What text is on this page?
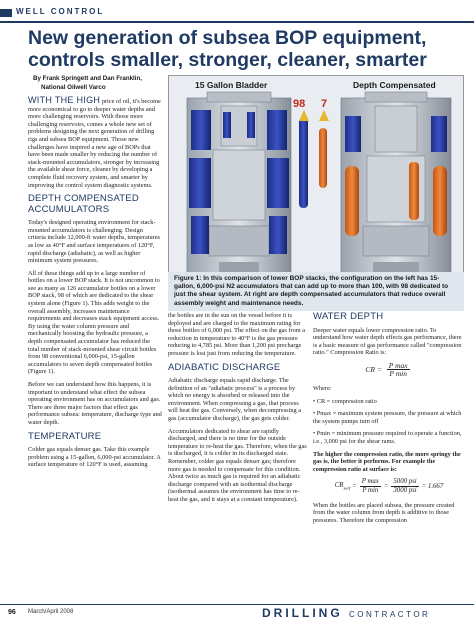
WELL CONTROL
New generation of subsea BOP equipment, controls smaller, stronger, cleaner, smarter
By Frank Springett and Dan Franklin,
National Oilwell Varco

WITH THE HIGH price of oil, it's become more economical to go to deeper water depths and more challenging reservoirs. With those more challenging reservoirs, comes a whole new set of problems designing the next generation of drilling rigs and subsea BOP equipment. Those new challenges have inspired a new age of BOPs that have been made smaller by reducing the number of stack-mounted accumulators, stronger by increasing the available shear force, cleaner by developing a complete fluid recovery system, and smarter by improving the control system diagnostic systems.

DEPTH COMPENSATED ACCUMULATORS

Today's designed operating environment for stack-mounted accumulators is challenging. Design criteria include 12,000-ft water depths, temperatures as low as 40°F and surface temperatures of 120°F, rapid discharge (adiabatic), as well as higher minimum system pressures.

All of these things add up to a large number of bottles on a lower BOP stack. It is not uncommon to see as many as 126 accumulator bottles on a lower BOP stack, 98 of which are dedicated to the shear system alone (Figure 1). This adds weight to the overall assembly, increases maintenance requirements and decreases stack equipment access. By using the water column pressure and mechanically boosting the hydraulic pressure, a depth compensated accumulator has reduced the total number of stack-mounted shear circuit bottles from 98 conventional 6,000-psi, 15-gallon accumulators to seven depth compensated bottles (Figure 1).

Before we can understand how this happens, it is important to understand what effect the subsea operating environment has on accumulators and gas. There are three major factors that effect gas performance subsea: temperature, discharge type and water depth.

TEMPERATURE

Colder gas equals denser gas. Take this example problem using a 15-gallon, 6,000-psi accumulator. A surface temperature of 120°F is used, assuming

15 Gallon Bladder	Depth Compensated
98 7
Figure 1: In this comparison of lower BOP stacks, the configuration on the left has 15-gallon, 6,000-psi N2 accumulators that can add up to more than 100, with 98 dedicated to just the shear system. At right are depth compensated accumulators that reduce overall assembly weight and maintenance needs.

the bottles are in the sun on the vessel before it is deployed and are charged to the maximum rating for those bottles of 6,000 psi. The effect on the gas from a reduction in temperature to 40°F is the gas pressure reducing to 4,785 psi. More than 1,200 psi precharge pressure is lost just from reducing the temperature.

ADIABATIC DISCHARGE

Adiabatic discharge equals rapid discharge. The definition of an "adiabatic process" is a process by which no energy is absorbed or released into the environment. When compressing a gas, that process will heat the gas. Conversely, when decompressing a gas (accumulator discharge), the gas gets colder.

Accumulators dedicated to shear are rapidly discharged, and there is no time for the outside temperature to re-heat the gas. Therefore, when the gas is discharged, it is colder in its discharged state. Remember, colder gas equals denser gas; therefore more gas is needed to compensate for this condition. About twice as much gas is required for an adiabatic discharge compared with an isothermal discharge (isothermal assumes the environment has time to re-heat the gas, and it stays at a constant temperature).

WATER DEPTH

Deeper water equals lower compression ratio. To understand how water depth effects gas performance, there is a basic measure of gas performance called "compression ratio." Compression Ratio is:

CR = $\frac{\text{P max}}{\text{P min}}$

Where:

• CR = compression ratio

• Pmax = maximum system pressure, the pressure at which the system pumps turn off

• Pmin = minimum pressure required to operate a function, i.e., 3,000 psi for the shear rams.

The higher the compression ratio, the more springy the gas is, the better it performs. For example the compression ratio at surface is:

$CR_{surf} = \frac{\text{P max}}{\text{P min}} = \frac{\text{5000 psi}}{\text{3000 psi}} = 1.667$

When the bottles are placed subsea, the pressure created from the water column from depth is additive to those pressures. Therefore the compression

96 March/April 2008	DRILLING CONTRACTOR
